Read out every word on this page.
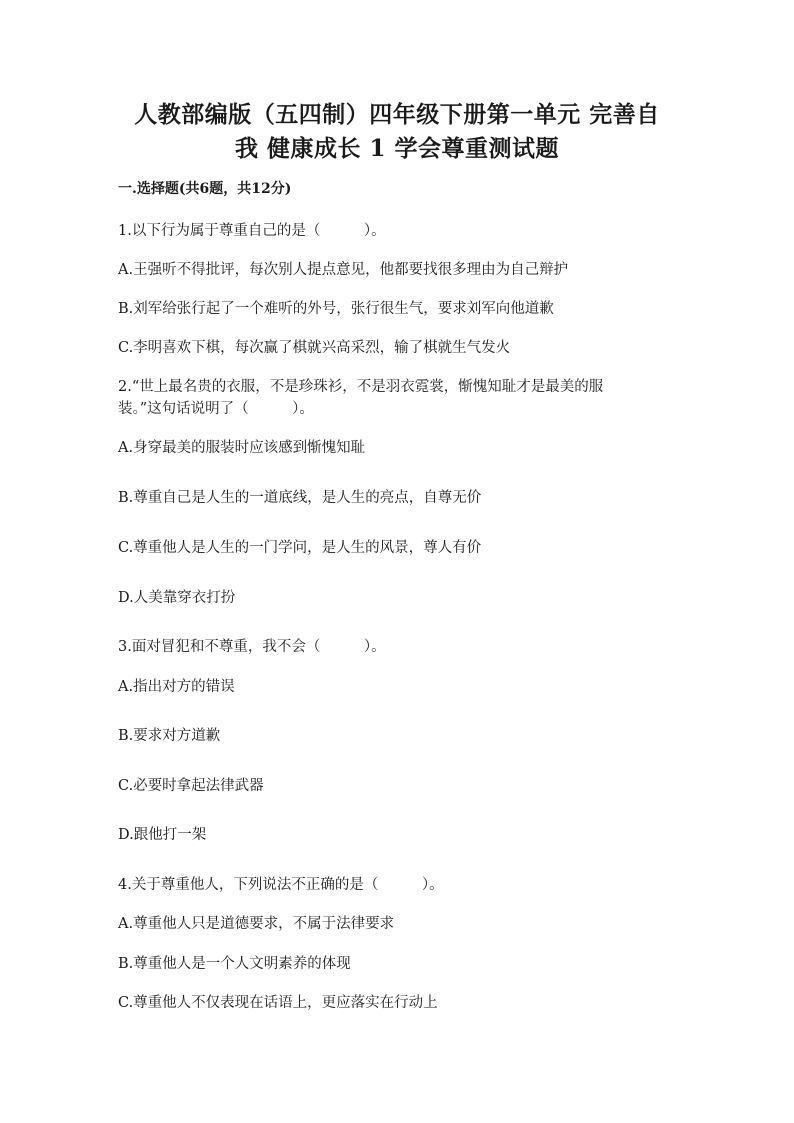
人教部编版（五四制）四年级下册第一单元 完善自
我 健康成长 1 学会尊重测试题
一.选择题(共6题，共12分)
1.以下行为属于尊重自己的是（　　　）。
A.王强听不得批评，每次别人提点意见，他都要找很多理由为自己辩护
B.刘军给张行起了一个难听的外号，张行很生气，要求刘军向他道歉
C.李明喜欢下棋，每次赢了棋就兴高采烈，输了棋就生气发火
2.“世上最名贵的衣服，不是珍珠衫，不是羽衣霓裳，惭愧知耻才是最美的服
装。”这句话说明了（　　　）。
A.身穿最美的服装时应该感到惭愧知耻
B.尊重自己是人生的一道底线，是人生的亮点，自尊无价
C.尊重他人是人生的一门学问，是人生的风景，尊人有价
D.人美靠穿衣打扮
3.面对冒犯和不尊重，我不会（　　　）。
A.指出对方的错误
B.要求对方道歉
C.必要时拿起法律武器
D.跟他打一架
4.关于尊重他人，下列说法不正确的是（　　　）。
A.尊重他人只是道德要求，不属于法律要求
B.尊重他人是一个人文明素养的体现
C.尊重他人不仅表现在话语上，更应落实在行动上
